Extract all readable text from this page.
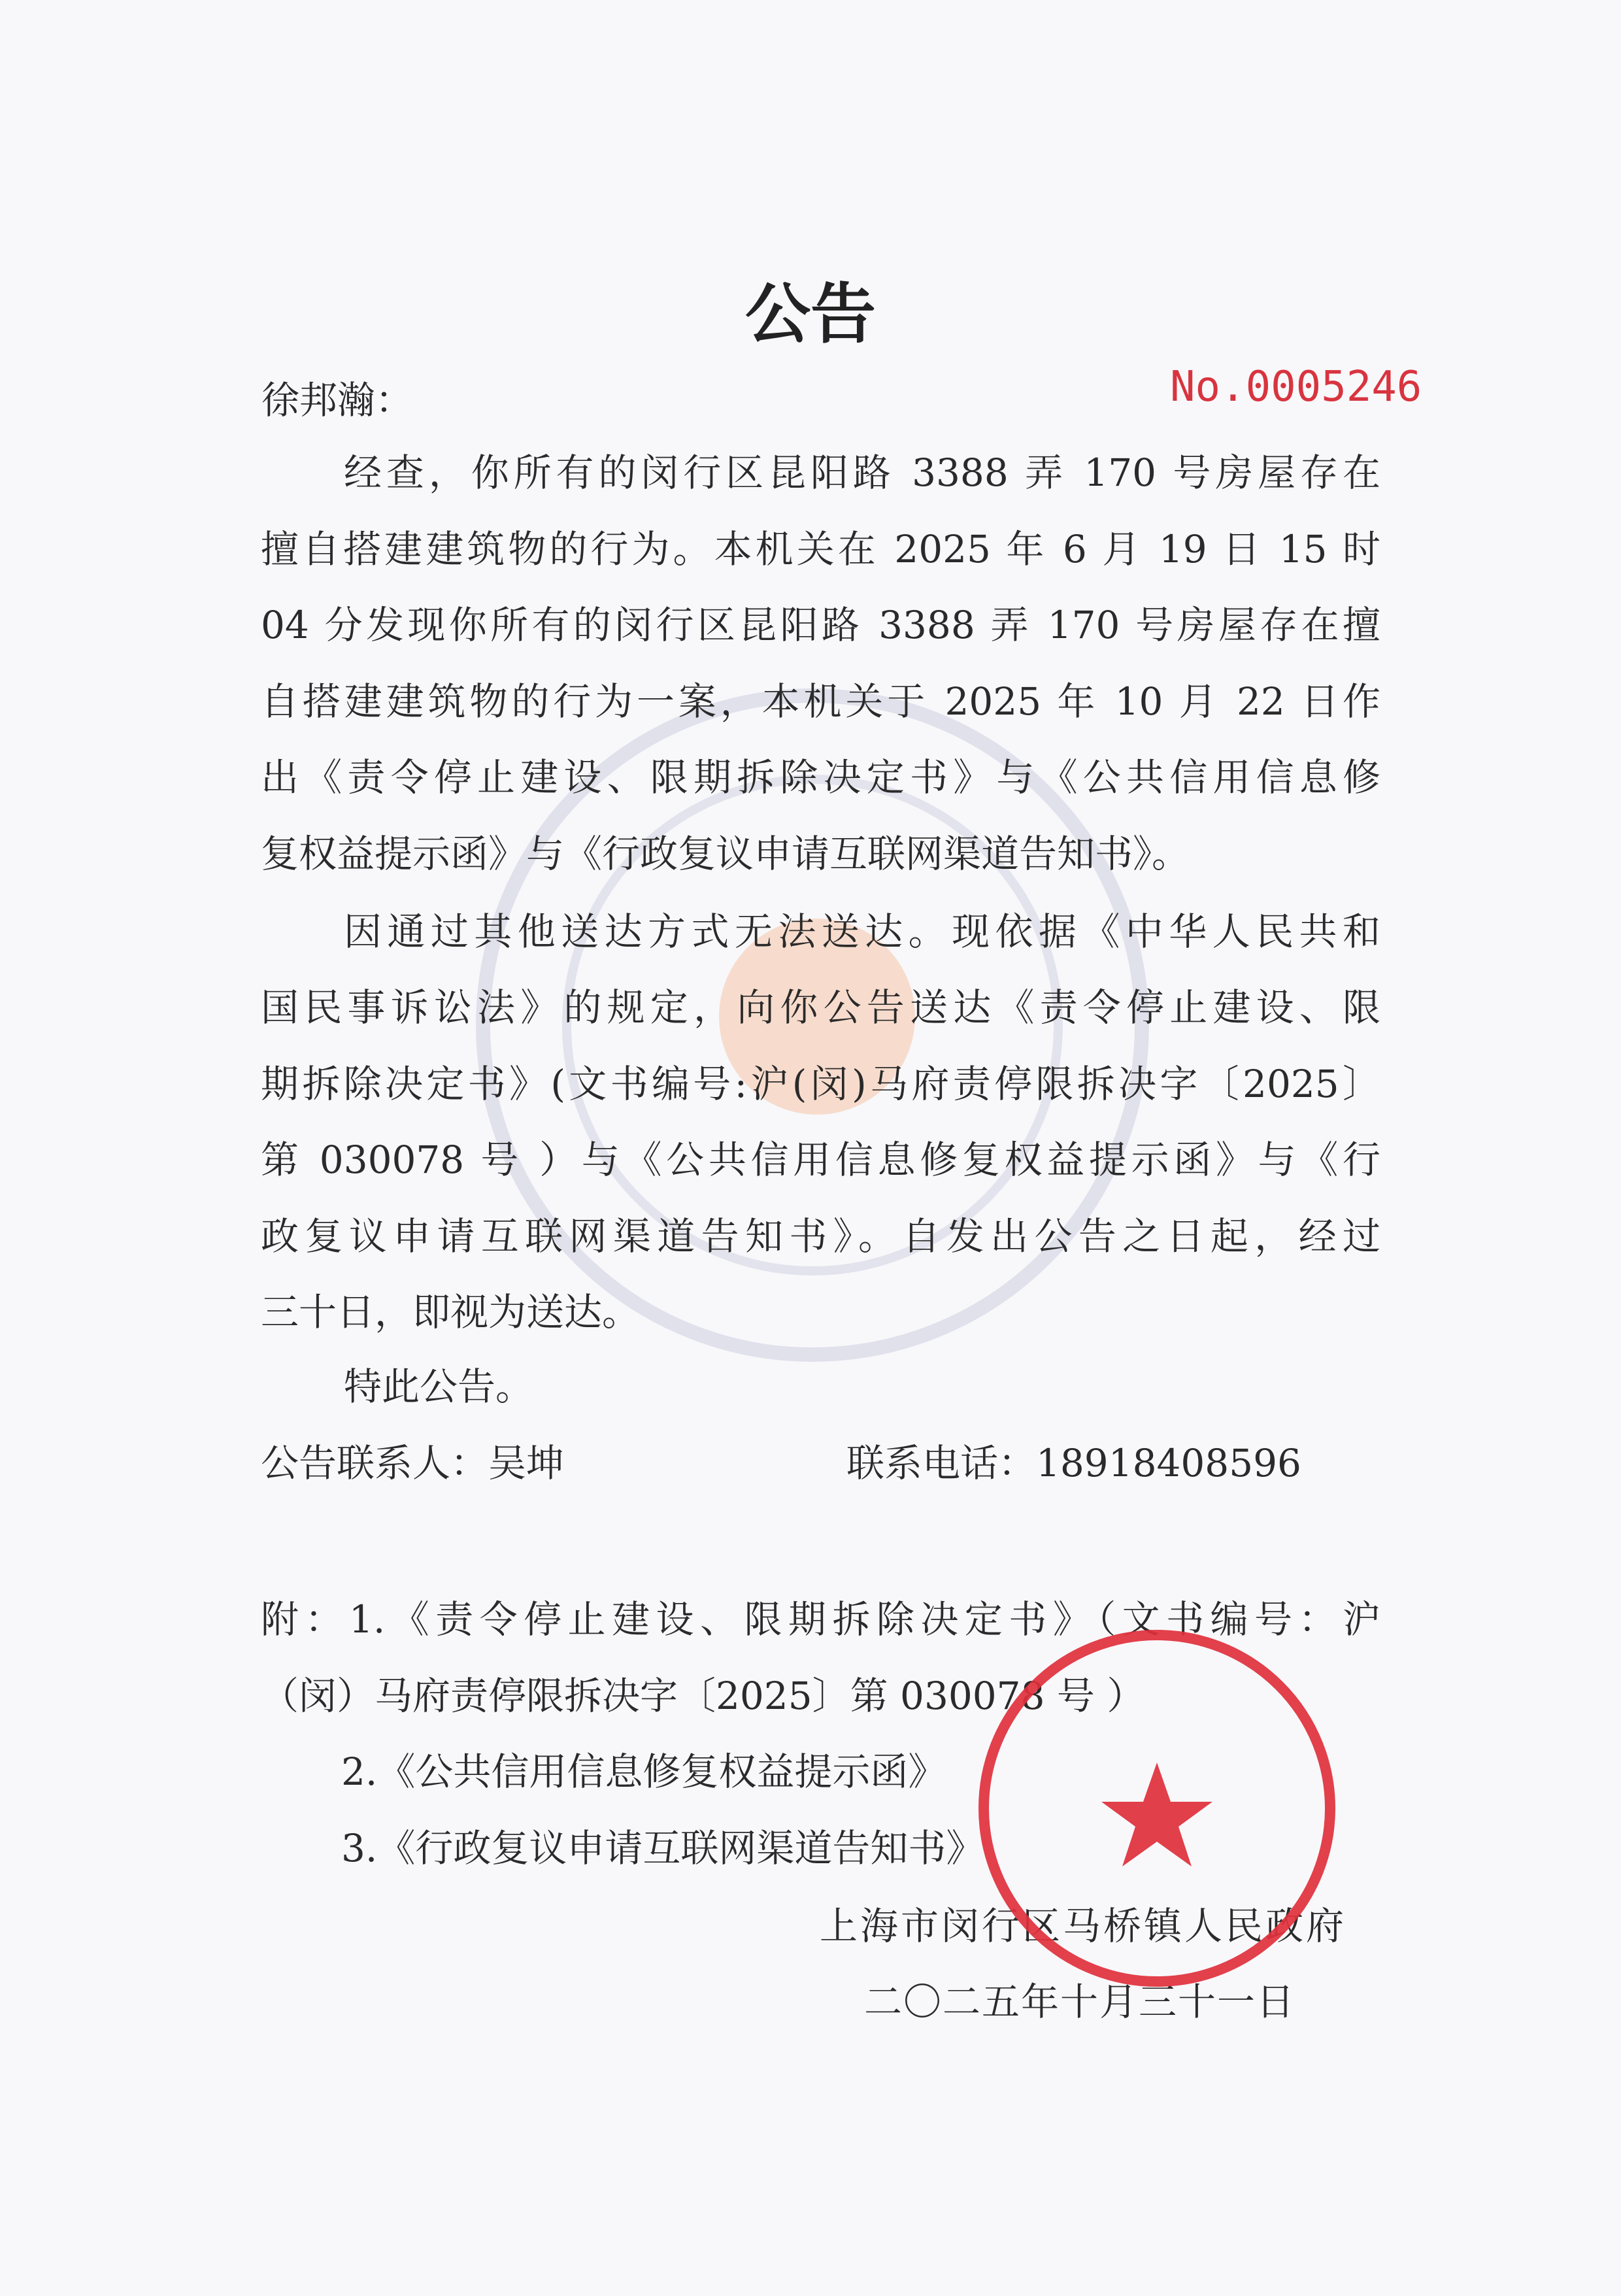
公告
徐邦瀚：	No.0005246
经查，你所有的闵行区昆阳路 3388 弄 170 号房屋存在
擅自搭建建筑物的行为。本机关在 2025 年 6 月 19 日 15 时
04 分发现你所有的闵行区昆阳路 3388 弄 170 号房屋存在擅
自搭建建筑物的行为一案，本机关于 2025 年 10 月 22 日作
出《责令停止建设、限期拆除决定书》与《公共信用信息修
复权益提示函》与《行政复议申请互联网渠道告知书》。
因通过其他送达方式无法送达。现依据《中华人民共和
国民事诉讼法》的规定，向你公告送达《责令停止建设、限
期拆除决定书》(文书编号:沪(闵)马府责停限拆决字〔2025〕
第 030078 号 ）与《公共信用信息修复权益提示函》与《行
政复议申请互联网渠道告知书》。自发出公告之日起，经过
三十日，即视为送达。
特此公告。
公告联系人：吴坤	联系电话：18918408596
附：1.《责令停止建设、限期拆除决定书》（文书编号：沪
（闵）马府责停限拆决字〔2025〕第 030078 号 ）
2.《公共信用信息修复权益提示函》
3.《行政复议申请互联网渠道告知书》
上海市闵行区马桥镇人民政府
二〇二五年十月三十一日
